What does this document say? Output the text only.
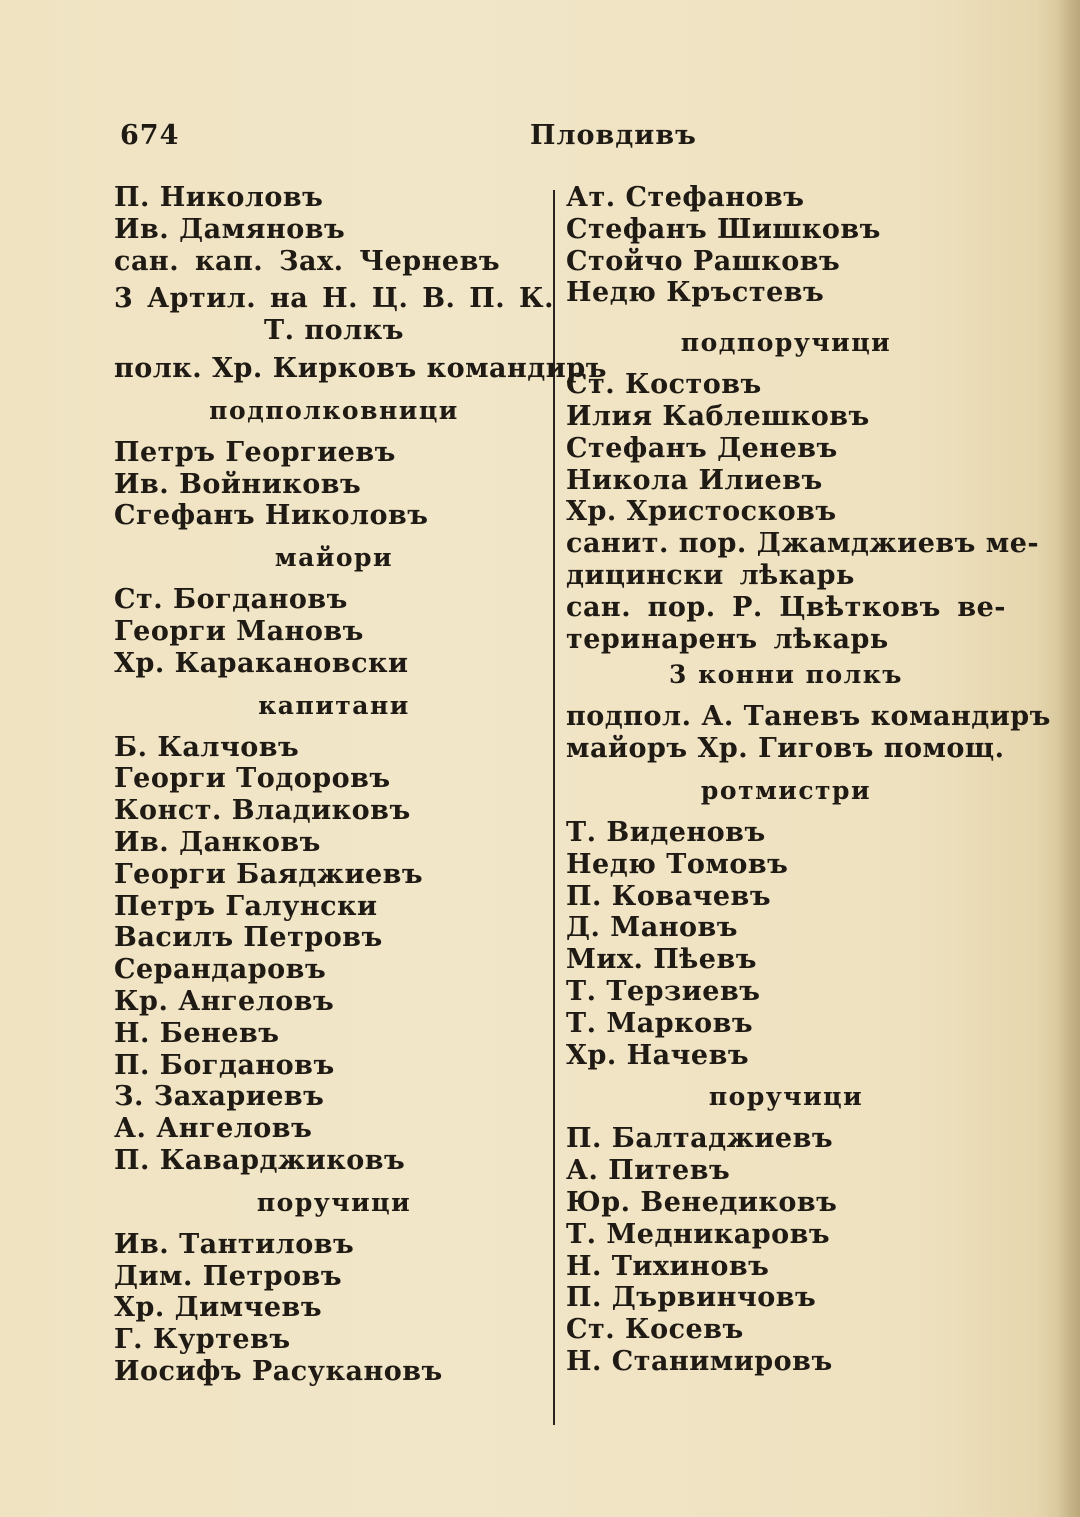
674	Пловдивъ
П. Николовъ
Ив. Дамяновъ
сан. кап. Зах. Черневъ
3 Артил. на Н. Ц. В. П. К.
Т. полкъ
полк. Хр. Кирковъ командиръ
подполковници
Петръ Георгиевъ
Ив. Войниковъ
Сгефанъ Николовъ
майори
Ст. Богдановъ
Георги Мановъ
Хр. Каракановски
капитани
Б. Калчовъ
Георги Тодоровъ
Конст. Владиковъ
Ив. Данковъ
Георги Баяджиевъ
Петръ Галунски
Василъ Петровъ
Серандаровъ
Кр. Ангеловъ
Н. Беневъ
П. Богдановъ
З. Захариевъ
А. Ангеловъ
П. Каварджиковъ
поручици
Ив. Тантиловъ
Дим. Петровъ
Хр. Димчевъ
Г. Куртевъ
Иосифъ Расукановъ
Ат. Стефановъ
Стефанъ Шишковъ
Стойчо Рашковъ
Недю Кръстевъ
подпоручици
Ст. Костовъ
Илия Каблешковъ
Стефанъ Деневъ
Никола Илиевъ
Хр. Христосковъ
санит. пор. Джамджиевъ ме-
дицински лѣкарь
сан. пор. Р. Цвѣтковъ ве-
теринаренъ лѣкарь
3 конни полкъ
подпол. А. Таневъ командиръ
майоръ Хр. Гиговъ помощ.
ротмистри
Т. Виденовъ
Недю Томовъ
П. Ковачевъ
Д. Мановъ
Мих. Пѣевъ
Т. Терзиевъ
Т. Марковъ
Хр. Начевъ
поручици
П. Балтаджиевъ
А. Питевъ
Юр. Венедиковъ
Т. Медникаровъ
Н. Тихиновъ
П. Дървинчовъ
Ст. Косевъ
Н. Станимировъ
